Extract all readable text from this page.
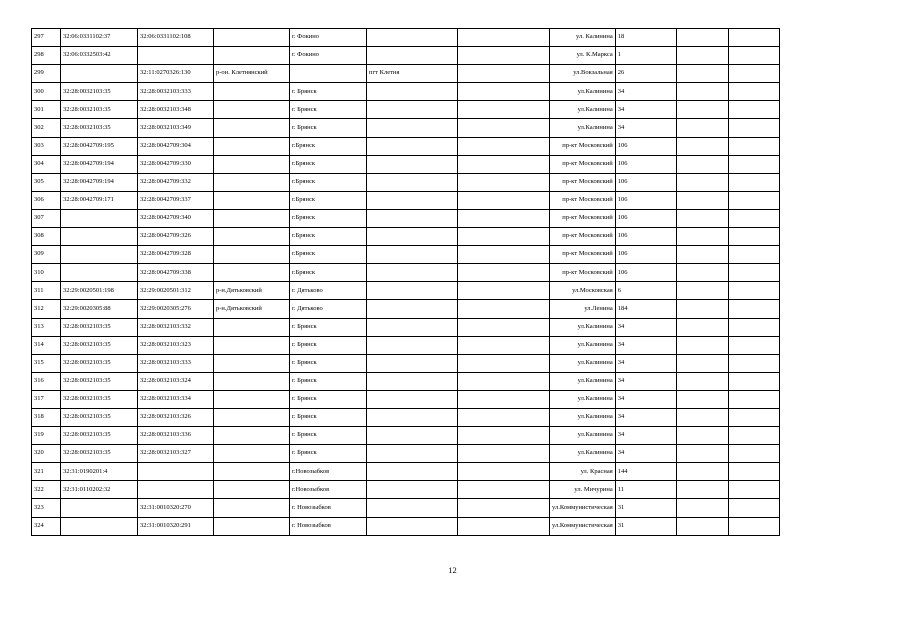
297	32:06:0331102:37	32:06:0331102:108		г. Фокино			ул. Калинина	18		
298	32:06:0332503:42			г. Фокино			ул. К.Маркса	1		
299		32:11:0270326:130	р-он. Клетнянский		пгт Клетня		ул.Вокзальная	26		
300	32:28:0032103:35	32:28:0032103:333		г. Брянск			ул.Калинина	34		
301	32:28:0032103:35	32:28:0032103:348		г. Брянск			ул.Калинина	34		
302	32:28:0032103:35	32:28:0032103:349		г. Брянск			ул.Калинина	34		
303	32:28:0042709:195	32:28:0042709:304		г.Брянск			пр-кт Московский	106		
304	32:28:0042709:194	32:28:0042709:330		г.Брянск			пр-кт Московский	106		
305	32:28:0042709:194	32:28:0042709:332		г.Брянск			пр-кт Московский	106		
306	32:28:0042709:171	32:28:0042709:337		г.Брянск			пр-кт Московский	106		
307		32:28:0042709:340		г.Брянск			пр-кт Московский	106		
308		32:28:0042709:326		г.Брянск			пр-кт Московский	106		
309		32:28:0042709:328		г.Брянск			пр-кт Московский	106		
310		32:28:0042709:338		г.Брянск			пр-кт Московский	106		
311	32:29:0020501:198	32:29:0020501:312	р-н.Дятьковский	г. Дятьково			ул.Московская	6		
312	32:29:0020305:88	32:29:0020305:276	р-н.Дятьковский	г. Дятьково			ул.Ленина	184		
313	32:28:0032103:35	32:28:0032103:332		г. Брянск			ул.Калинина	34		
314	32:28:0032103:35	32:28:0032103:323		г. Брянск			ул.Калинина	34		
315	32:28:0032103:35	32:28:0032103:333		г. Брянск			ул.Калинина	34		
316	32:28:0032103:35	32:28:0032103:324		г. Брянск			ул.Калинина	34		
317	32:28:0032103:35	32:28:0032103:334		г. Брянск			ул.Калинина	34		
318	32:28:0032103:35	32:28:0032103:326		г. Брянск			ул.Калинина	34		
319	32:28:0032103:35	32:28:0032103:336		г. Брянск			ул.Калинина	34		
320	32:28:0032103:35	32:28:0032103:327		г. Брянск			ул.Калинина	34		
321	32:31:0190201:4			г.Новозыбков			ул. Красная	144		
322	32:31:0110202:32			г.Новозыбков			ул. Мичурина	11		
323		32:31:0010320:270		г. Новозыбков			ул.Коммунистическая	31		
324		32:31:0010320:291		г. Новозыбков			ул.Коммунистическая	31		
12
